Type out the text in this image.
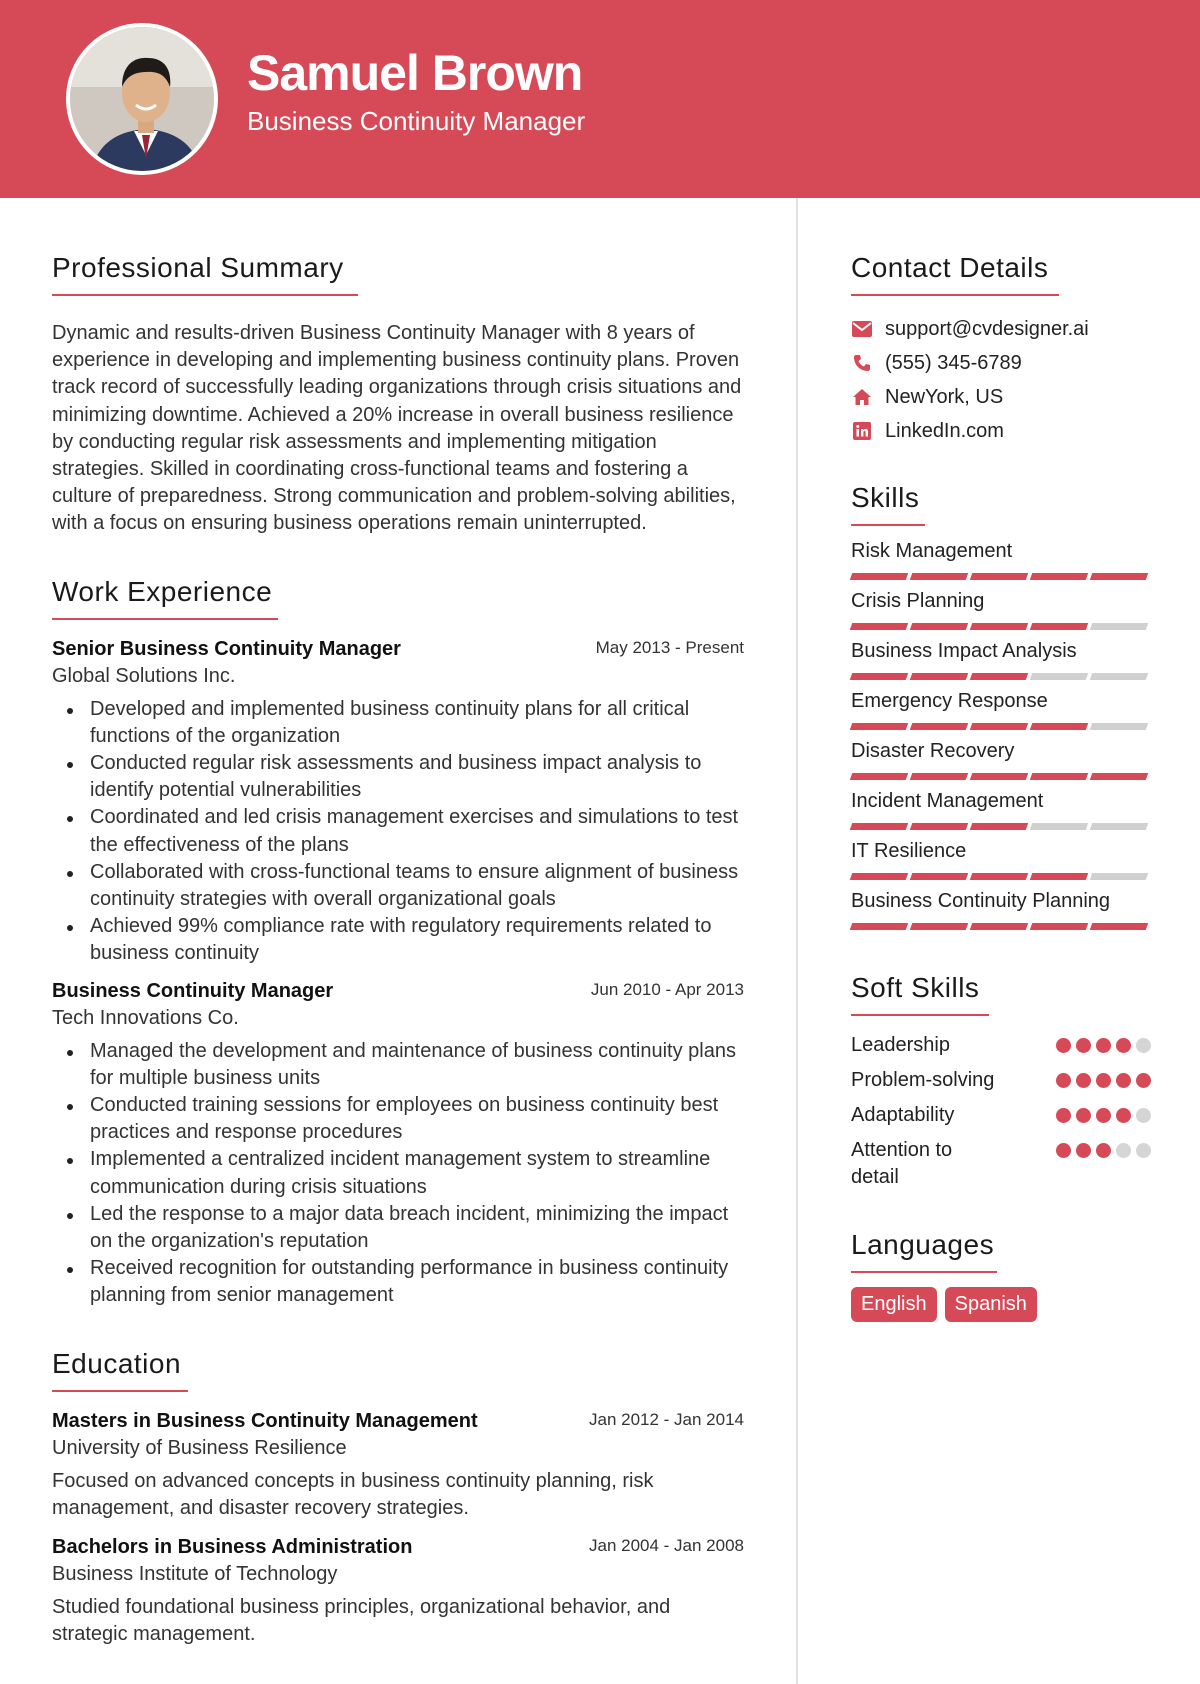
Samuel Brown
Business Continuity Manager
Professional Summary

Dynamic and results-driven Business Continuity Manager with 8 years of experience in developing and implementing business continuity plans. Proven track record of successfully leading organizations through crisis situations and minimizing downtime. Achieved a 20% increase in overall business resilience by conducting regular risk assessments and implementing mitigation strategies. Skilled in coordinating cross-functional teams and fostering a culture of preparedness. Strong communication and problem-solving abilities, with a focus on ensuring business operations remain uninterrupted.

Work Experience
Senior Business Continuity Manager	May 2013 - Present
Global Solutions Inc.
Developed and implemented business continuity plans for all critical functions of the organization
Conducted regular risk assessments and business impact analysis to identify potential vulnerabilities
Coordinated and led crisis management exercises and simulations to test the effectiveness of the plans
Collaborated with cross-functional teams to ensure alignment of business continuity strategies with overall organizational goals
Achieved 99% compliance rate with regulatory requirements related to business continuity
Business Continuity Manager	Jun 2010 - Apr 2013
Tech Innovations Co.
Managed the development and maintenance of business continuity plans for multiple business units
Conducted training sessions for employees on business continuity best practices and response procedures
Implemented a centralized incident management system to streamline communication during crisis situations
Led the response to a major data breach incident, minimizing the impact on the organization's reputation
Received recognition for outstanding performance in business continuity planning from senior management
Education
Masters in Business Continuity Management	Jan 2012 - Jan 2014
University of Business Resilience

Focused on advanced concepts in business continuity planning, risk management, and disaster recovery strategies.

Bachelors in Business Administration	Jan 2004 - Jan 2008
Business Institute of Technology

Studied foundational business principles, organizational behavior, and strategic management.

Contact Details
support@cvdesigner.ai
(555) 345-6789
NewYork, US
LinkedIn.com
Skills
Risk Management
Crisis Planning
Business Impact Analysis
Emergency Response
Disaster Recovery
Incident Management
IT Resilience
Business Continuity Planning
Soft Skills
Leadership
Problem-solving
Adaptability
Attention to detail
Languages
English	Spanish
